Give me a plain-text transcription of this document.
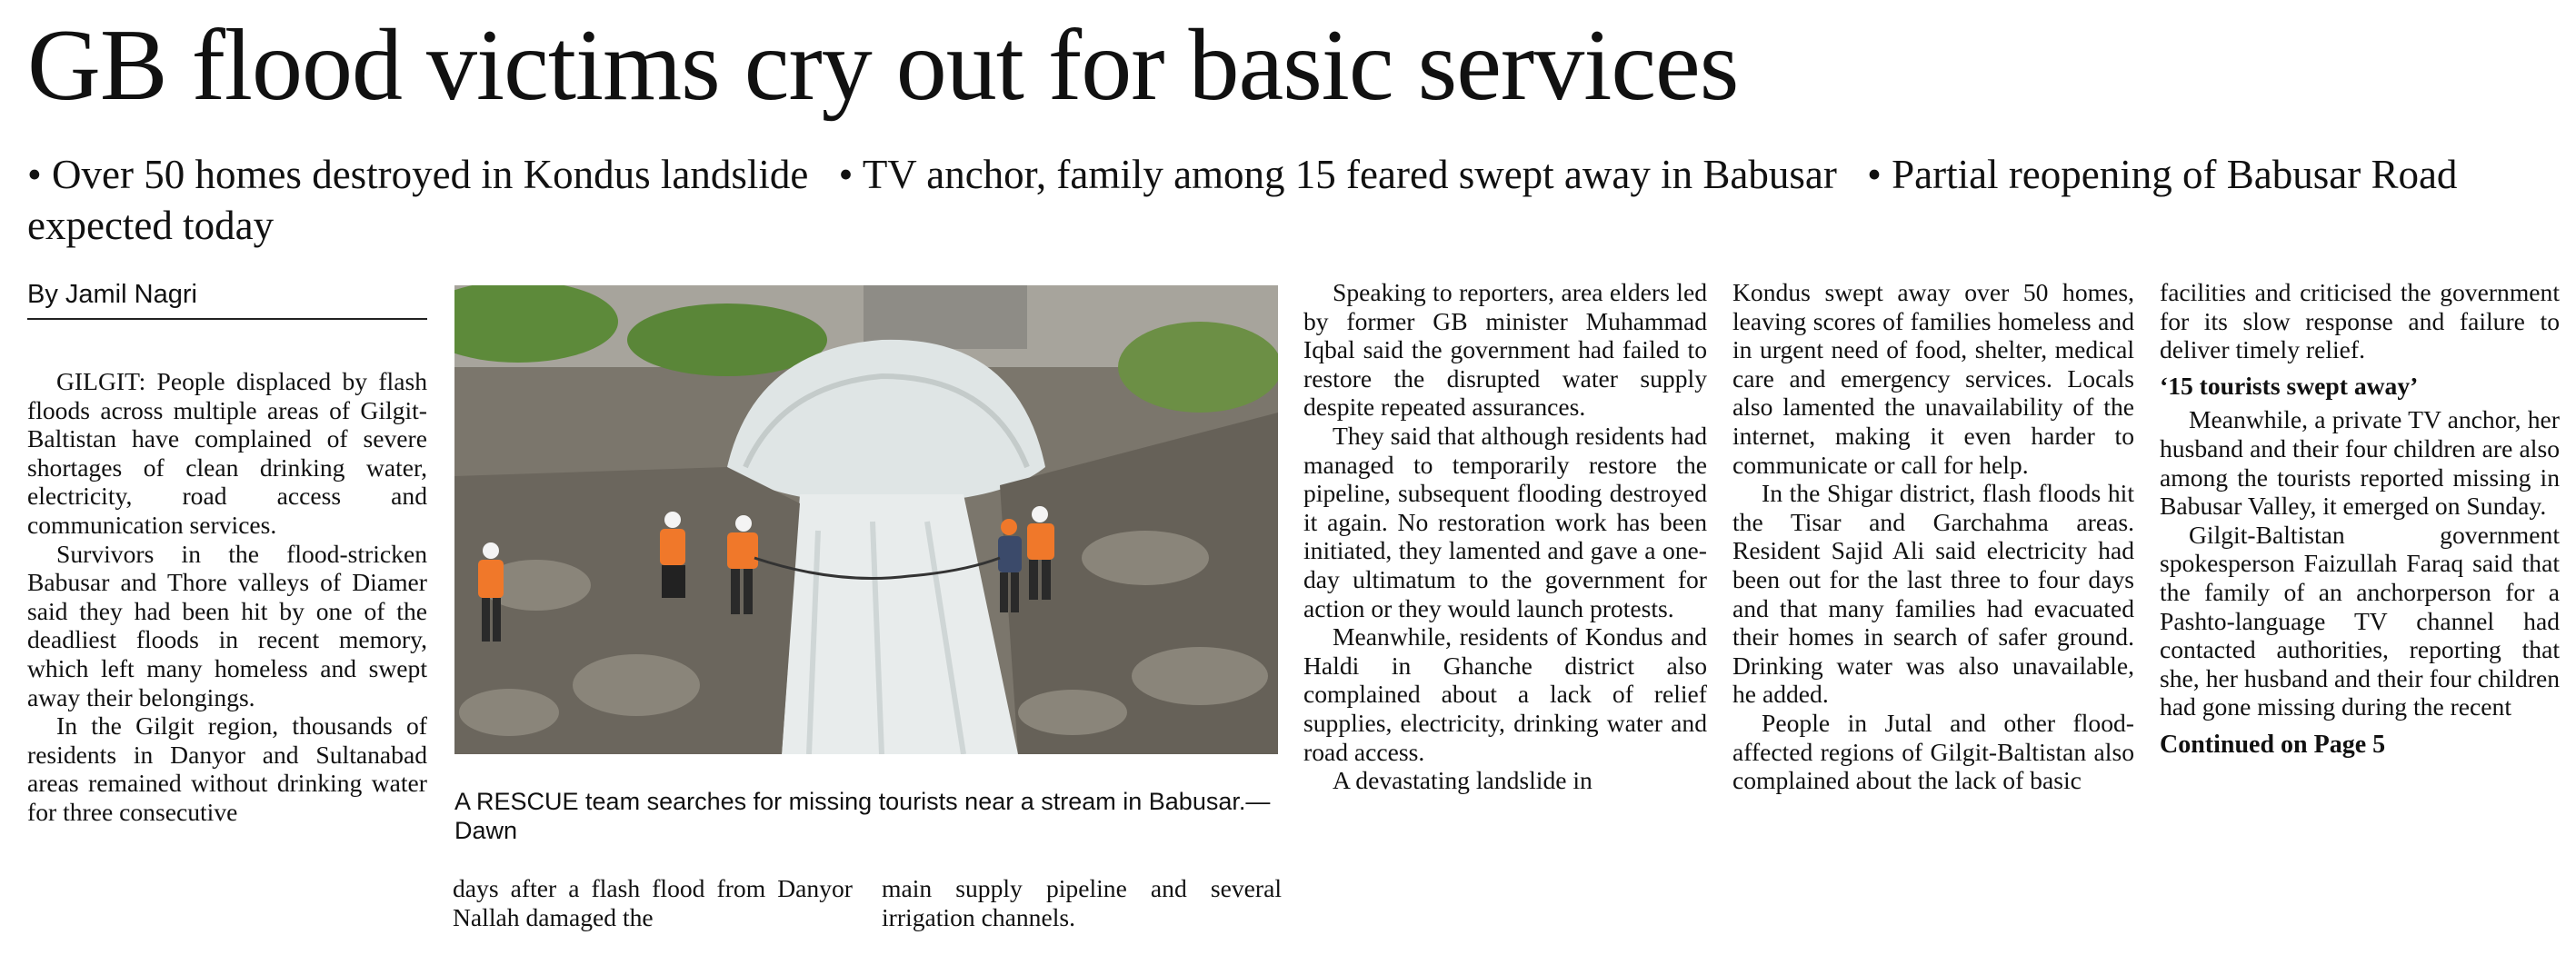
GB flood victims cry out for basic services
• Over 50 homes destroyed in Kondus landslide • TV anchor, family among 15 feared swept away in Babusar • Partial reopening of Babusar Road expected today
By Jamil Nagri

GILGIT: People displaced by flash floods across multiple areas of Gilgit-Baltistan have complained of severe shortages of clean drinking water, electricity, road access and communication services.

Survivors in the flood-stricken Babusar and Thore valleys of Diamer said they had been hit by one of the deadliest floods in recent memory, which left many homeless and swept away their belongings.

In the Gilgit region, thousands of residents in Danyor and Sultanabad areas remained without drinking water for three consecutive	A RESCUE team searches for missing tourists near a stream in Babusar.—Dawn

days after a flash flood from Danyor Nallah damaged the

main supply pipeline and several irrigation channels.

Speaking to reporters, area elders led by former GB minister Muhammad Iqbal said the government had failed to restore the disrupted water supply despite repeated assurances.

They said that although residents had managed to temporarily restore the pipeline, subsequent flooding destroyed it again. No restoration work has been initiated, they lamented and gave a one-day ultimatum to the government for action or they would launch protests.

Meanwhile, residents of Kondus and Haldi in Ghanche district also complained about a lack of relief supplies, electricity, drinking water and road access.

A devastating landslide in

Kondus swept away over 50 homes, leaving scores of families homeless and in urgent need of food, shelter, medical care and emergency services. Locals also lamented the unavailability of the internet, making it even harder to communicate or call for help.

In the Shigar district, flash floods hit the Tisar and Garchahma areas. Resident Sajid Ali said electricity had been out for the last three to four days and that many families had evacuated their homes in search of safer ground. Drinking water was also unavailable, he added.

People in Jutal and other flood-affected regions of Gilgit-Baltistan also complained about the lack of basic

facilities and criticised the government for its slow response and failure to deliver timely relief.

‘15 tourists swept away’

Meanwhile, a private TV anchor, her husband and their four children are also among the tourists reported missing in Babusar Valley, it emerged on Sunday.

Gilgit-Baltistan government spokesperson Faizullah Faraq said that the family of an anchorperson for a Pashto-language TV channel had contacted authorities, reporting that she, her husband and their four children had gone missing during the recent

Continued on Page 5
